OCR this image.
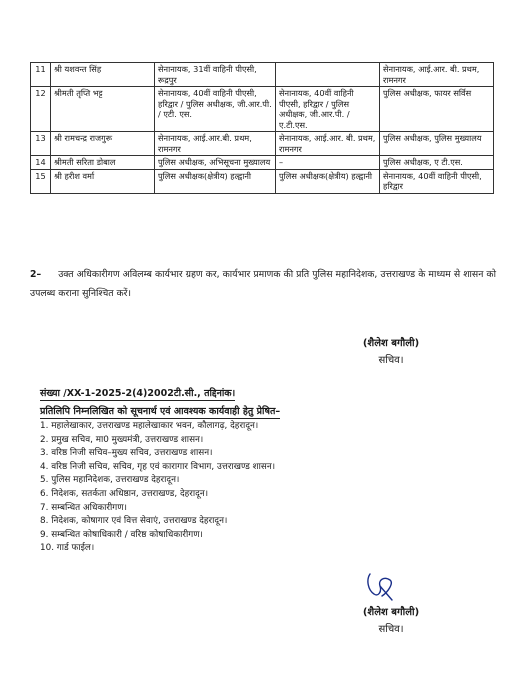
11	श्री यशवन्त सिंह	सेनानायक, 31वीं वाहिनी पीएसी, रूद्रपुर		सेनानायक, आई.आर. बी. प्रथम, रामनगर
12	श्रीमती तृप्ति भट्ट	सेनानायक, 40वीं वाहिनी पीएसी, हरिद्वार / पुलिस अधीक्षक, जी.आर.पी. / एटी. एस.	सेनानायक, 40वीं वाहिनी पीएसी, हरिद्वार / पुलिस अधीक्षक, जी.आर.पी. / ए.टी.एस.	पुलिस अधीक्षक, फायर सर्विस
13	श्री रामचन्द्र राजगुरू	सेनानायक, आई.आर.बी. प्रथम, रामनगर	सेनानायक, आई.आर. बी. प्रथम, रामनगर	पुलिस अधीक्षक, पुलिस मुख्यालय
14	श्रीमती सरिता डोबाल	पुलिस अधीक्षक, अभिसूचना मुख्यालय	–	पुलिस अधीक्षक, ए टी.एस.
15	श्री हरीश वर्मा	पुलिस अधीक्षक(क्षेत्रीय) हल्द्वानी	पुलिस अधीक्षक(क्षेत्रीय) हल्द्वानी	सेनानायक, 40वीं वाहिनी पीएसी, हरिद्वार
2– उक्त अधिकारीगण अविलम्ब कार्यभार ग्रहण कर, कार्यभार प्रमाणक की प्रति पुलिस महानिदेशक, उत्तराखण्ड के माध्यम से शासन को उपलब्ध कराना सुनिश्चित करें।
(शैलेश बगौली)
सचिव।
संख्या /XX-1-2025-2(4)2002टी.सी., तद्दिनांक।
प्रतिलिपि निम्नलिखित को सूचनार्थ एवं आवश्यक कार्यवाही हेतु प्रेषित–
1. महालेखाकार, उत्तराखण्ड महालेखाकार भवन, कौलागढ़, देहरादून।
2. प्रमुख सचिव, मा0 मुख्यमंत्री, उत्तराखण्ड शासन।
3. वरिष्ठ निजी सचिव–मुख्य सचिव, उत्तराखण्ड शासन।
4. वरिष्ठ निजी सचिव, सचिव, गृह एवं कारागार विभाग, उत्तराखण्ड शासन।
5. पुलिस महानिदेशक, उत्तराखण्ड देहरादून।
6. निदेशक, सतर्कता अधिष्ठान, उत्तराखण्ड, देहरादून।
7. सम्बन्धित अधिकारीगण।
8. निदेशक, कोषागार एवं वित्त सेवाएं, उत्तराखण्ड देहरादून।
9. सम्बन्धित कोषाधिकारी / वरिष्ठ कोषाधिकारीगण।
10. गार्ड फाईल।
(शैलेश बगौली)
सचिव।
